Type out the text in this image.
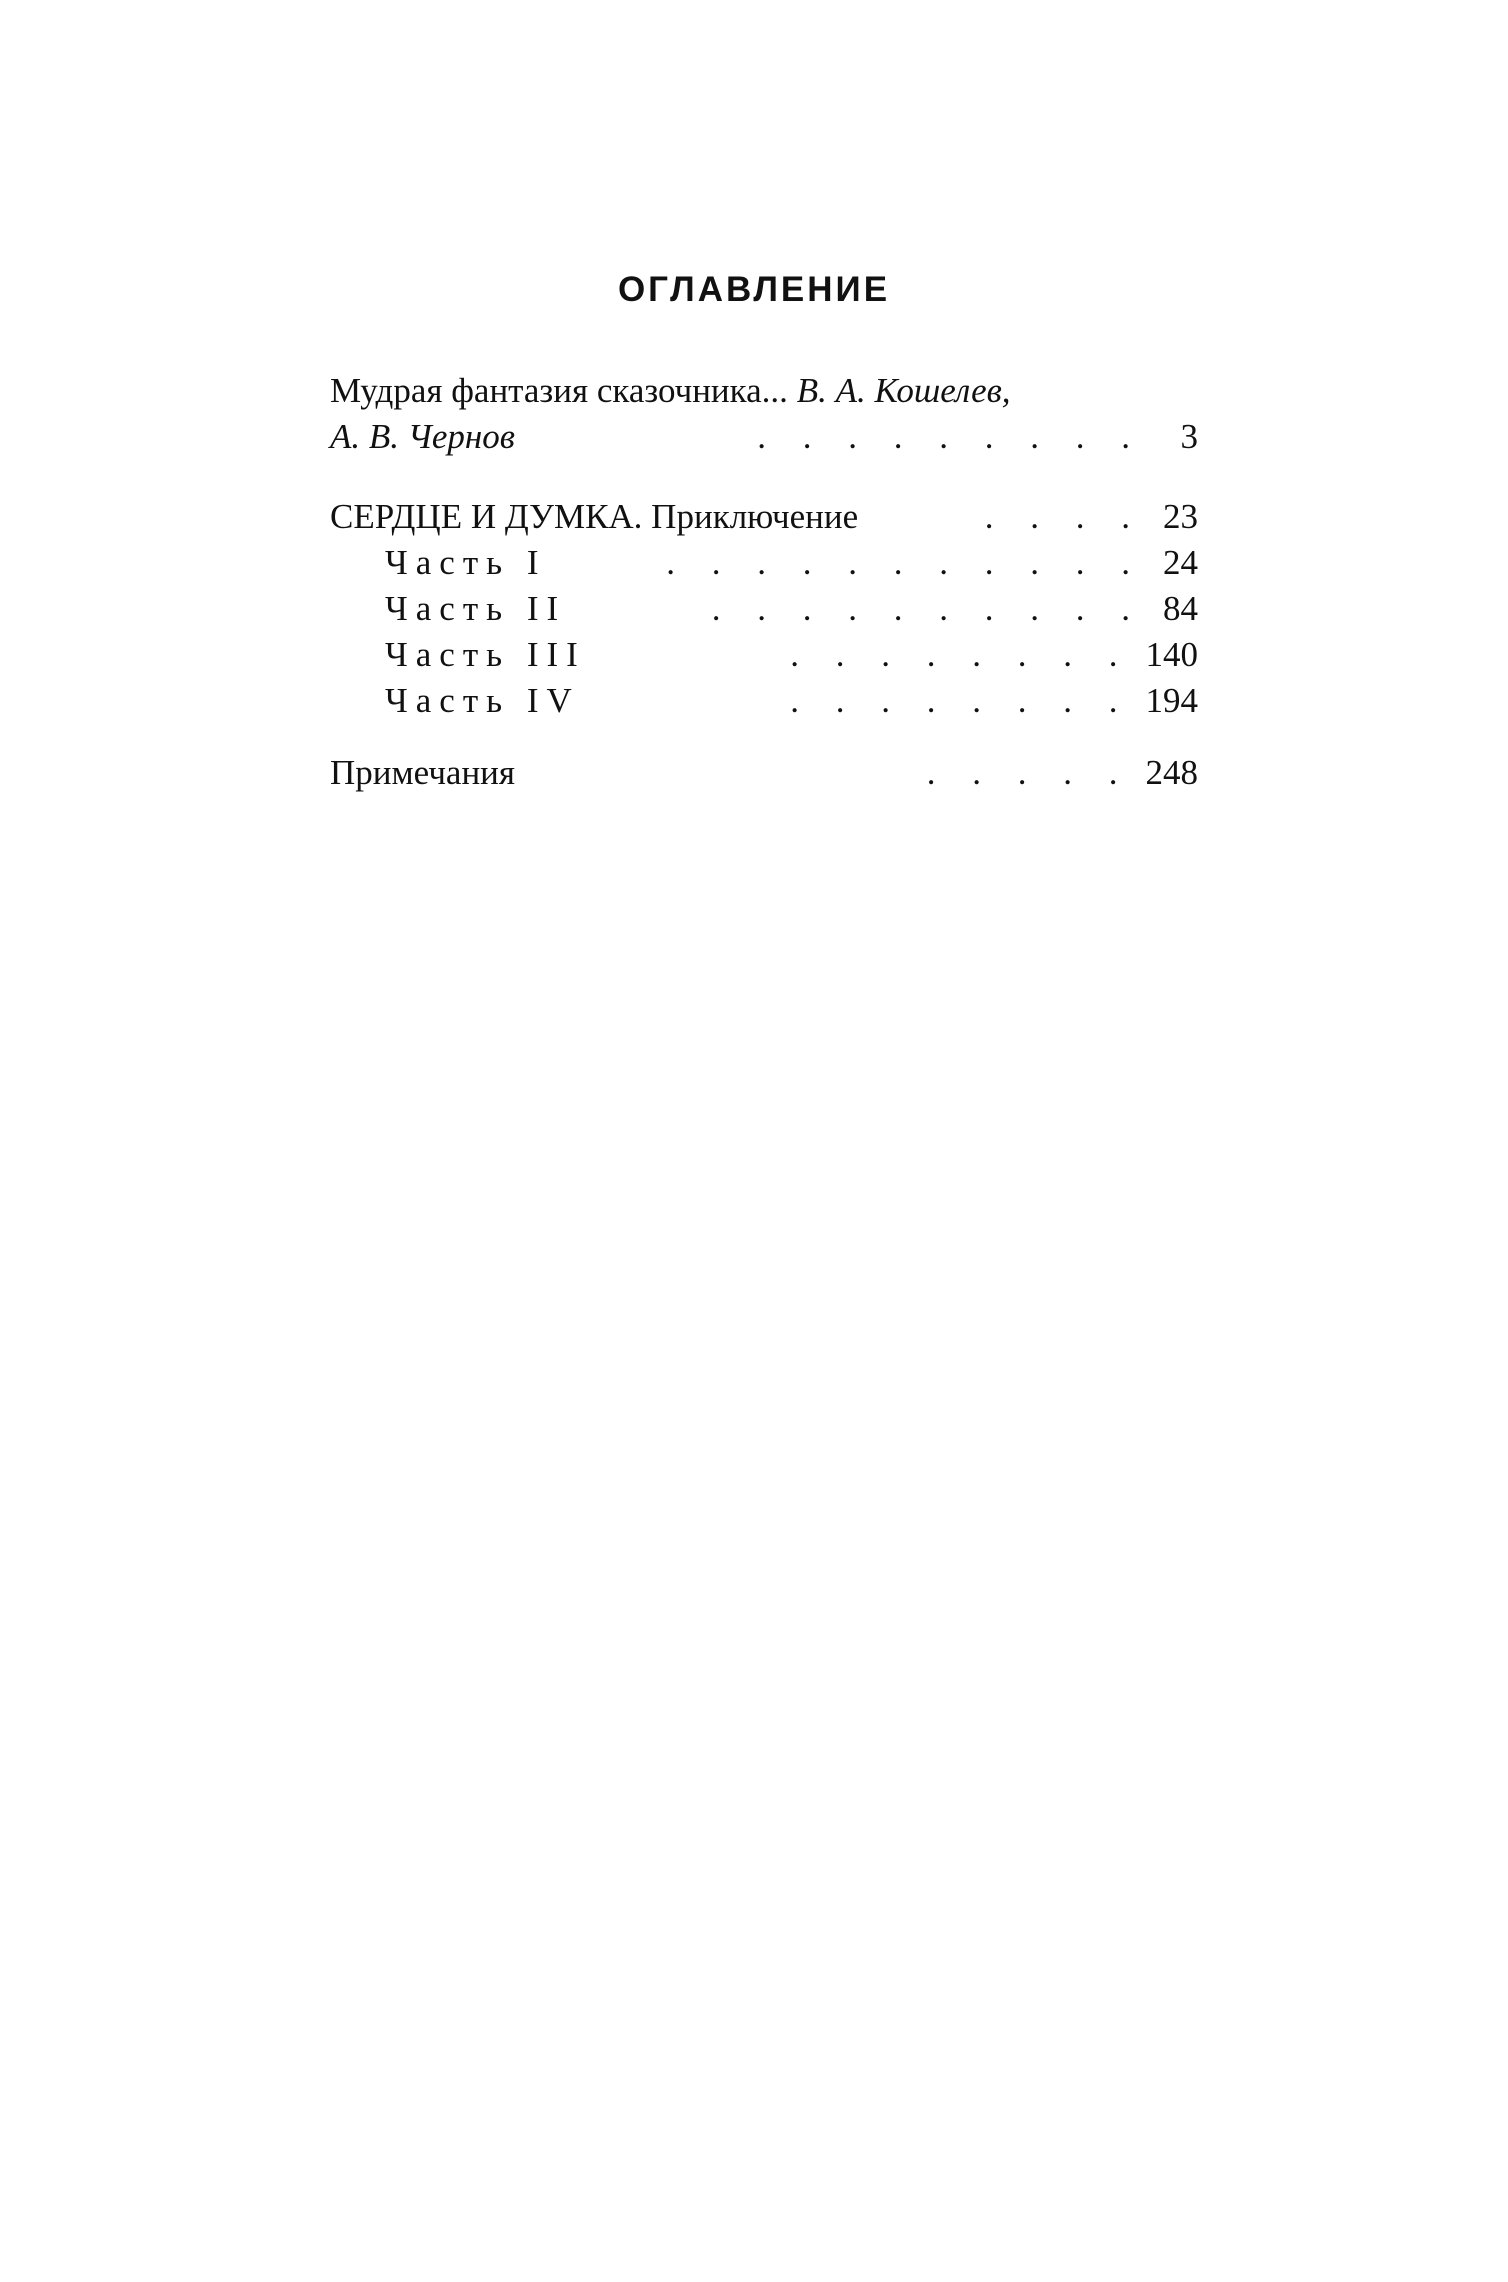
ОГЛАВЛЕНИЕ
Мудрая фантазия сказочника... В. А. Кошелев,
А. В. Чернов	. . . . . . . . .	3
СЕРДЦЕ И ДУМКА. Приключение	. . . . 23
Часть I	. . . . . . . . . . . 24
Часть II	. . . . . . . . . . 84
Часть III	. . . . . . . . 140
Часть IV	. . . . . . . . 194
Примечания	. . . . . 248
